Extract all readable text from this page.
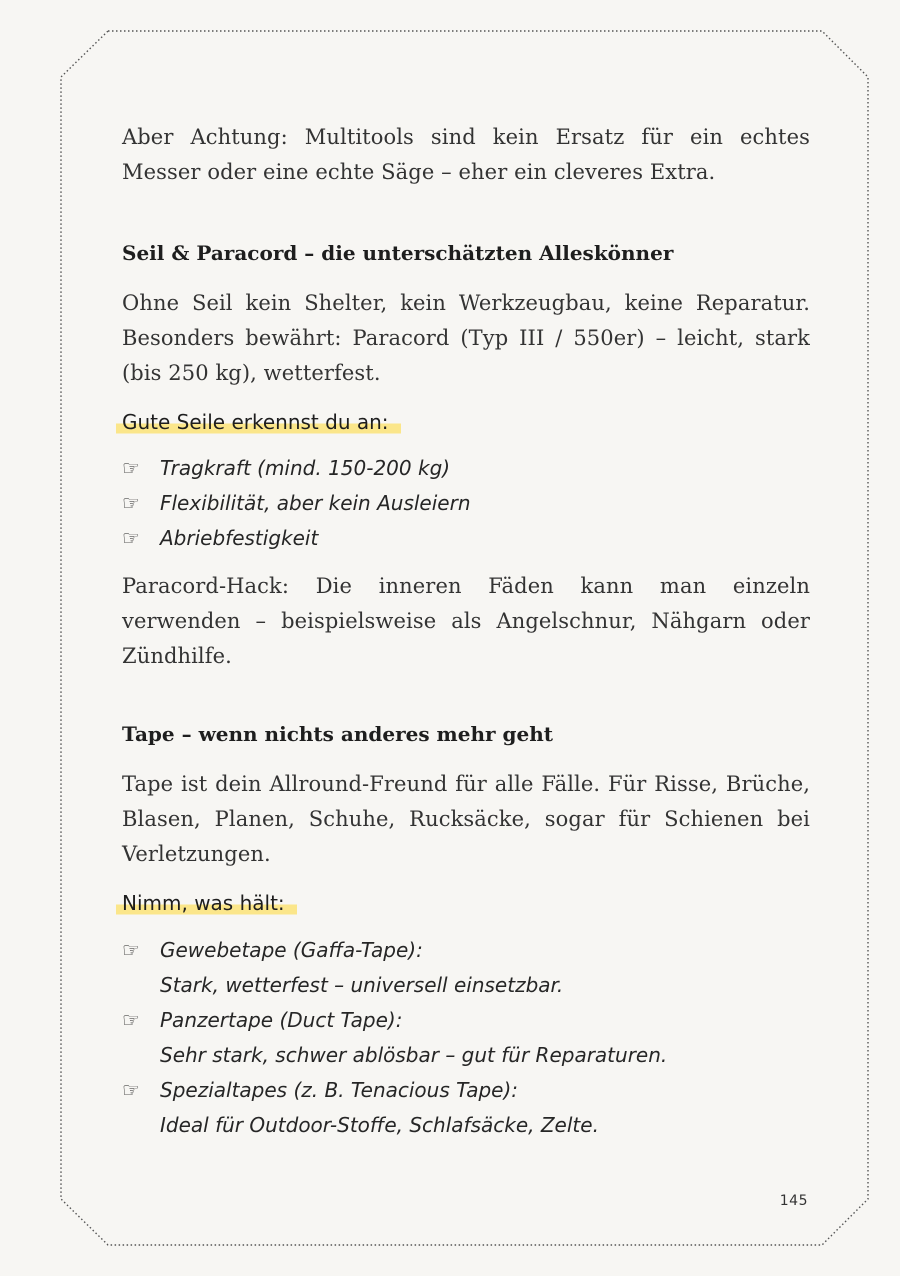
Aber Achtung: Multitools sind kein Ersatz für ein echtes Messer oder eine echte Säge – eher ein cleveres Extra.

Seil & Paracord – die unterschätzten Alleskönner

Ohne Seil kein Shelter, kein Werkzeugbau, keine Reparatur. Besonders bewährt: Paracord (Typ III / 550er) – leicht, stark (bis 250 kg), wetterfest.

Gute Seile erkennst du an:
☞ Tragkraft (mind. 150-200 kg)
☞ Flexibilität, aber kein Ausleiern
☞ Abriebfestigkeit

Paracord-Hack: Die inneren Fäden kann man einzeln verwenden – beispielsweise als Angelschnur, Nähgarn oder Zündhilfe.

Tape – wenn nichts anderes mehr geht

Tape ist dein Allround-Freund für alle Fälle. Für Risse, Brüche, Blasen, Planen, Schuhe, Rucksäcke, sogar für Schienen bei Verletzungen.

Nimm, was hält:
☞ Gewebetape (Gaffa-Tape):
Stark, wetterfest – universell einsetzbar.
☞ Panzertape (Duct Tape):
Sehr stark, schwer ablösbar – gut für Reparaturen.
☞ Spezialtapes (z. B. Tenacious Tape):
Ideal für Outdoor-Stoffe, Schlafsäcke, Zelte.
145
